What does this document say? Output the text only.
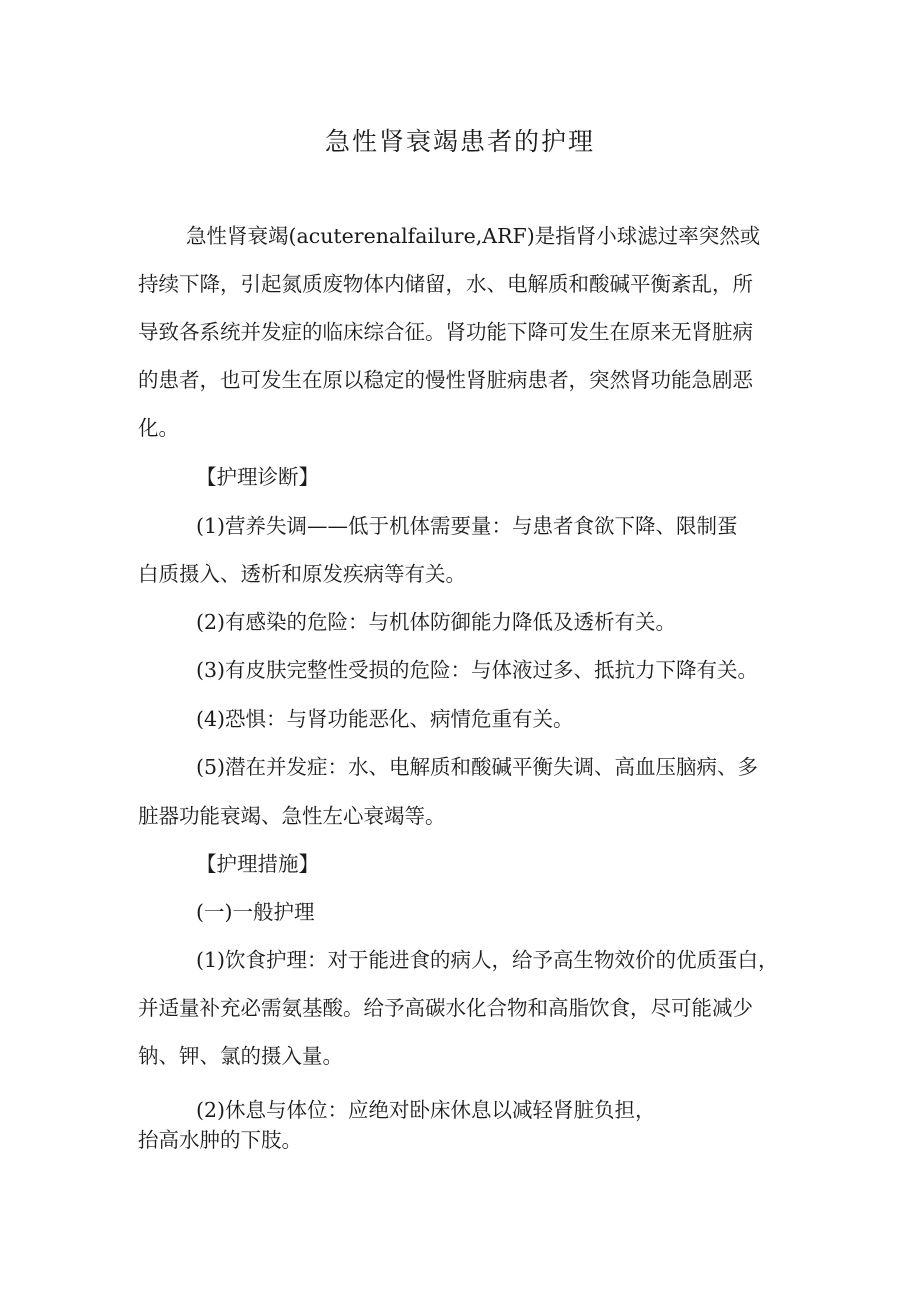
急性肾衰竭患者的护理
急性肾衰竭(acuterenalfailure,ARF)是指肾小球滤过率突然或
持续下降，引起氮质废物体内储留，水、电解质和酸碱平衡紊乱，所
导致各系统并发症的临床综合征。肾功能下降可发生在原来无肾脏病
的患者，也可发生在原以稳定的慢性肾脏病患者，突然肾功能急剧恶
化。
【护理诊断】
(1)营养失调——低于机体需要量：与患者食欲下降、限制蛋
白质摄入、透析和原发疾病等有关。
(2)有感染的危险：与机体防御能力降低及透析有关。
(3)有皮肤完整性受损的危险：与体液过多、抵抗力下降有关。
(4)恐惧：与肾功能恶化、病情危重有关。
(5)潜在并发症：水、电解质和酸碱平衡失调、高血压脑病、多
脏器功能衰竭、急性左心衰竭等。
【护理措施】
(一)一般护理
(1)饮食护理：对于能进食的病人，给予高生物效价的优质蛋白，
并适量补充必需氨基酸。给予高碳水化合物和高脂饮食，尽可能减少
钠、钾、氯的摄入量。
(2)休息与体位：应绝对卧床休息以减轻肾脏负担，
抬高水肿的下肢。
